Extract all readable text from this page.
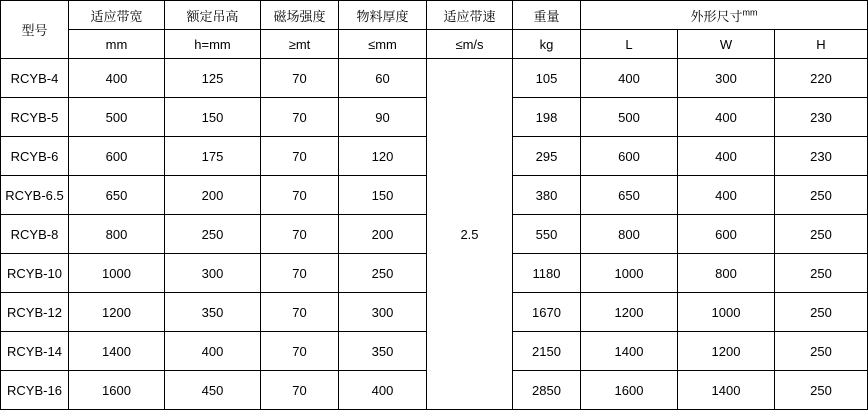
型号	适应带宽	额定吊高	磁场强度	物料厚度	适应带速	重量	外形尺寸$^{mm}$
	mm	h=mm	≥mt	≤mm	≤m/s	kg	L	W	H
RCYB-4	400	125	70	60	2.5	105	400	300	220
RCYB-5	500	150	70	90		198	500	400	230
RCYB-6	600	175	70	120		295	600	400	230
RCYB-6.5	650	200	70	150		380	650	400	250
RCYB-8	800	250	70	200		550	800	600	250
RCYB-10	1000	300	70	250		1180	1000	800	250
RCYB-12	1200	350	70	300		1670	1200	1000	250
RCYB-14	1400	400	70	350		2150	1400	1200	250
RCYB-16	1600	450	70	400		2850	1600	1400	250
